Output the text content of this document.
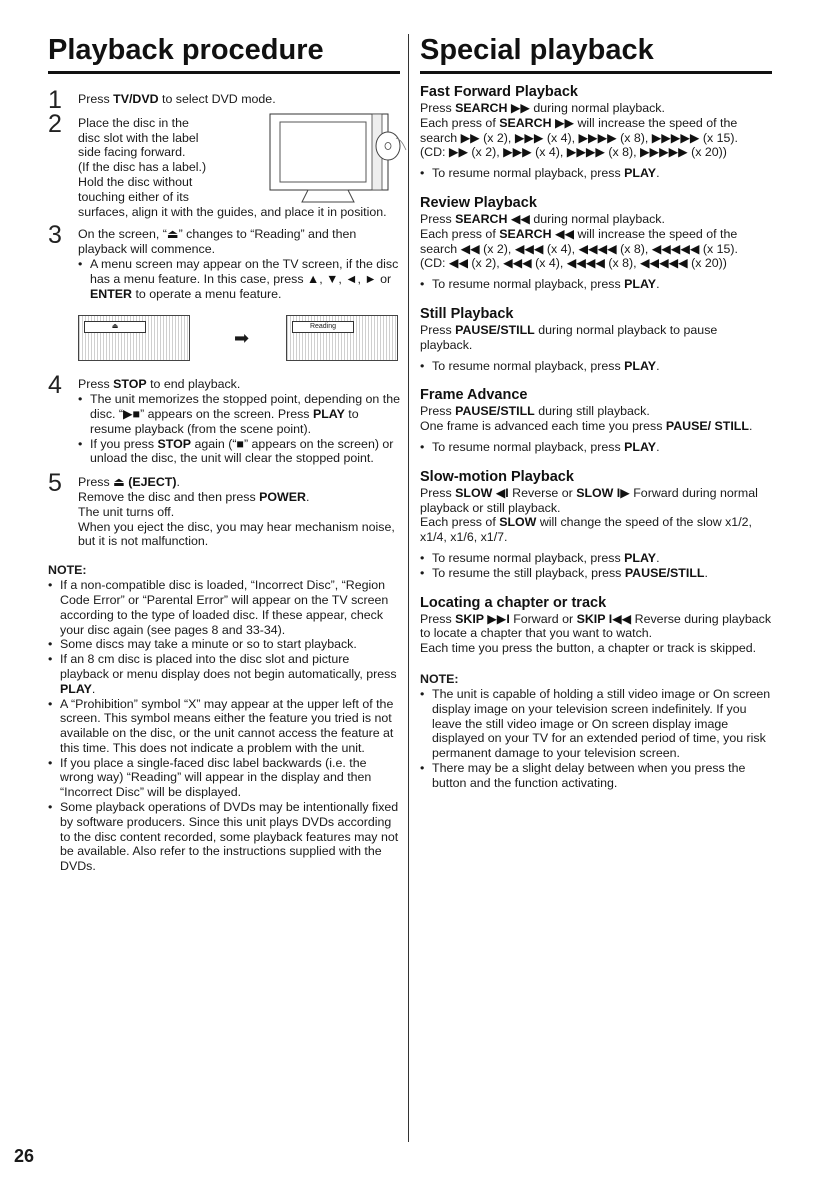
Playback procedure
1 Press TV/DVD to select DVD mode.

2 Place the disc in the
disc slot with the label
side facing forward.
(If the disc has a label.)
Hold the disc without
touching either of its
surfaces, align it with the guides, and place it in position.

3 On the screen, “⏏” changes to “Reading” and then playback will commence.

• A menu screen may appear on the TV screen, if the disc has a menu feature. In this case, press ▲, ▼, ◄, ► or ENTER to operate a menu feature.
⏏
➡
Reading
4 Press STOP to end playback.

• The unit memorizes the stopped point, depending on the disc. “▶■” appears on the screen. Press PLAY to resume playback (from the scene point).
• If you press STOP again (“■” appears on the screen) or unload the disc, the unit will clear the stopped point.
5 Press ⏏ (EJECT).
Remove the disc and then press POWER.
The unit turns off.
When you eject the disc, you may hear mechanism noise, but it is not malfunction.

NOTE:
• If a non-compatible disc is loaded, “Incorrect Disc”, “Region Code Error” or “Parental Error” will appear on the TV screen according to the type of loaded disc. If these appear, check your disc again (see pages 8 and 33-34).
• Some discs may take a minute or so to start playback.
• If an 8 cm disc is placed into the disc slot and picture playback or menu display does not begin automatically, press PLAY.
• A “Prohibition” symbol “X” may appear at the upper left of the screen. This symbol means either the feature you tried is not available on the disc, or the unit cannot access the feature at this time. This does not indicate a problem with the unit.
• If you place a single-faced disc label backwards (i.e. the wrong way) “Reading” will appear in the display and then “Incorrect Disc” will be displayed.
• Some playback operations of DVDs may be intentionally fixed by software producers. Since this unit plays DVDs according to the disc content recorded, some playback features may not be available. Also refer to the instructions supplied with the DVDs.
Special playback
Fast Forward Playback

Press SEARCH ▶▶ during normal playback.
Each press of SEARCH ▶▶ will increase the speed of the search ▶▶ (x 2), ▶▶▶ (x 4), ▶▶▶▶ (x 8), ▶▶▶▶▶ (x 15).
(CD: ▶▶ (x 2), ▶▶▶ (x 4), ▶▶▶▶ (x 8), ▶▶▶▶▶ (x 20))

• To resume normal playback, press PLAY.
Review Playback

Press SEARCH ◀◀ during normal playback.
Each press of SEARCH ◀◀ will increase the speed of the search ◀◀ (x 2), ◀◀◀ (x 4), ◀◀◀◀ (x 8), ◀◀◀◀◀ (x 15).
(CD: ◀◀ (x 2), ◀◀◀ (x 4), ◀◀◀◀ (x 8), ◀◀◀◀◀ (x 20))

• To resume normal playback, press PLAY.
Still Playback

Press PAUSE/STILL during normal playback to pause playback.

• To resume normal playback, press PLAY.
Frame Advance

Press PAUSE/STILL during still playback.
One frame is advanced each time you press PAUSE/ STILL.

• To resume normal playback, press PLAY.
Slow-motion Playback

Press SLOW ◀I Reverse or SLOW I▶ Forward during normal playback or still playback.
Each press of SLOW will change the speed of the slow x1/2, x1/4, x1/6, x1/7.

• To resume normal playback, press PLAY.
• To resume the still playback, press PAUSE/STILL.
Locating a chapter or track

Press SKIP ▶▶I Forward or SKIP I◀◀ Reverse during playback to locate a chapter that you want to watch.
Each time you press the button, a chapter or track is skipped.

NOTE:
• The unit is capable of holding a still video image or On screen display image on your television screen indefinitely. If you leave the still video image or On screen display image displayed on your TV for an extended period of time, you risk permanent damage to your television screen.
• There may be a slight delay between when you press the button and the function activating.
26
